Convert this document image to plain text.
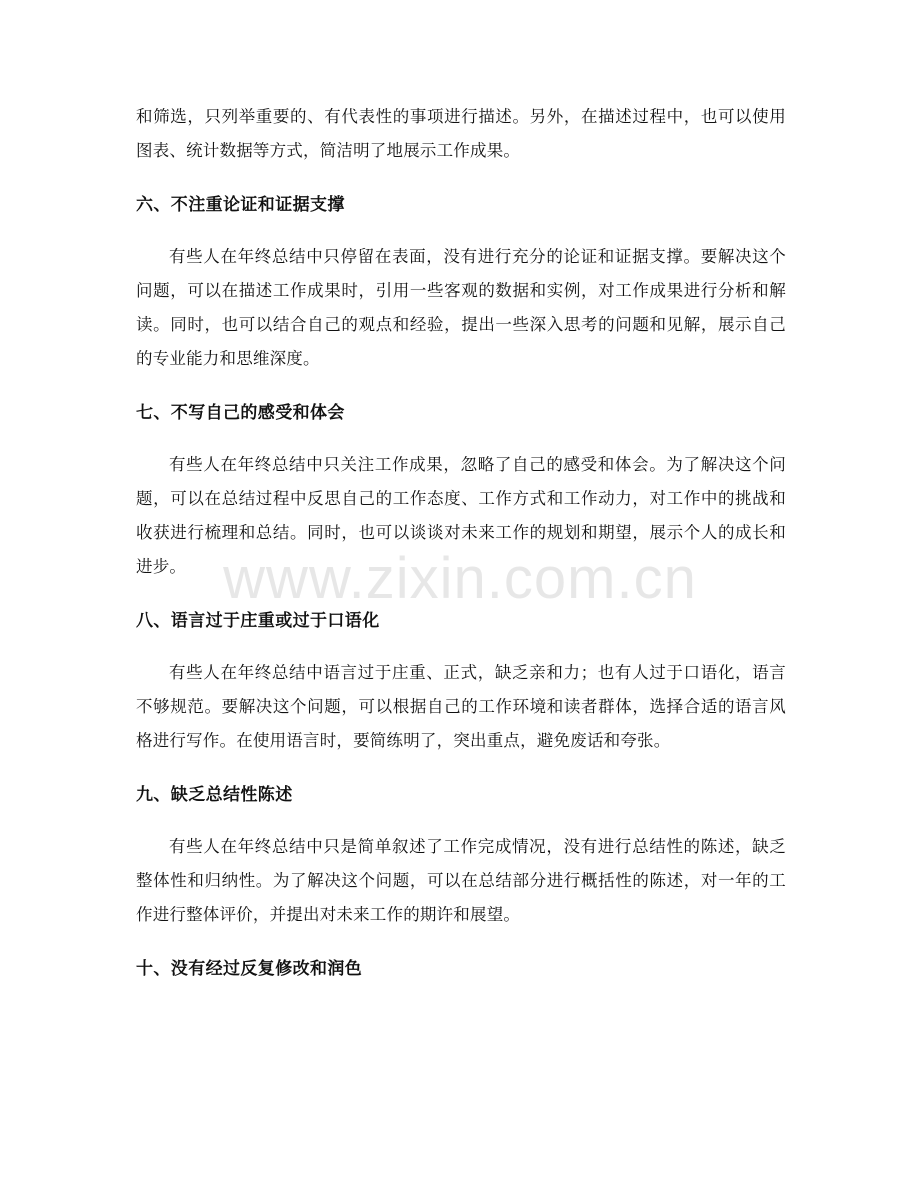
和筛选，只列举重要的、有代表性的事项进行描述。另外，在描述过程中，也可以使用图表、统计数据等方式，简洁明了地展示工作成果。

六、不注重论证和证据支撑

有些人在年终总结中只停留在表面，没有进行充分的论证和证据支撑。要解决这个问题，可以在描述工作成果时，引用一些客观的数据和实例，对工作成果进行分析和解读。同时，也可以结合自己的观点和经验，提出一些深入思考的问题和见解，展示自己的专业能力和思维深度。

七、不写自己的感受和体会

有些人在年终总结中只关注工作成果，忽略了自己的感受和体会。为了解决这个问题，可以在总结过程中反思自己的工作态度、工作方式和工作动力，对工作中的挑战和收获进行梳理和总结。同时，也可以谈谈对未来工作的规划和期望，展示个人的成长和进步。

八、语言过于庄重或过于口语化

有些人在年终总结中语言过于庄重、正式，缺乏亲和力；也有人过于口语化，语言不够规范。要解决这个问题，可以根据自己的工作环境和读者群体，选择合适的语言风格进行写作。在使用语言时，要简练明了，突出重点，避免废话和夸张。

九、缺乏总结性陈述

有些人在年终总结中只是简单叙述了工作完成情况，没有进行总结性的陈述，缺乏整体性和归纳性。为了解决这个问题，可以在总结部分进行概括性的陈述，对一年的工作进行整体评价，并提出对未来工作的期许和展望。

十、没有经过反复修改和润色
www.zixin.com.cn
